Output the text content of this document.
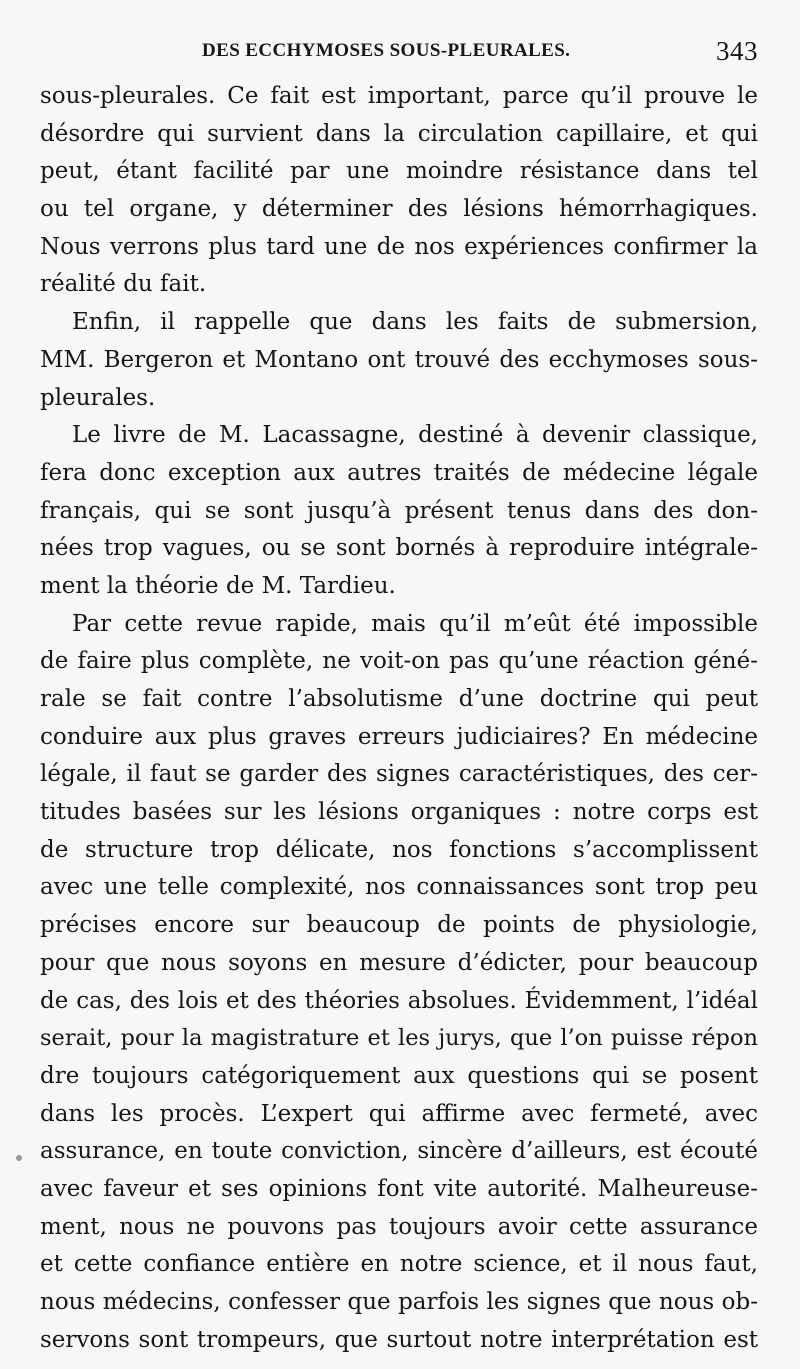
DES ECCHYMOSES SOUS-PLEURALES.	343
sous-pleurales. Ce fait est important, parce qu’il prouve le
désordre qui survient dans la circulation capillaire, et qui
peut, étant facilité par une moindre résistance dans tel
ou tel organe, y déterminer des lésions hémorrhagiques.
Nous verrons plus tard une de nos expériences confirmer la
réalité du fait.
Enfin, il rappelle que dans les faits de submersion,
MM. Bergeron et Montano ont trouvé des ecchymoses sous-
pleurales.
Le livre de M. Lacassagne, destiné à devenir classique,
fera donc exception aux autres traités de médecine légale
français, qui se sont jusqu’à présent tenus dans des don-
nées trop vagues, ou se sont bornés à reproduire intégrale-
ment la théorie de M. Tardieu.
Par cette revue rapide, mais qu’il m’eût été impossible
de faire plus complète, ne voit-on pas qu’une réaction géné-
rale se fait contre l’absolutisme d’une doctrine qui peut
conduire aux plus graves erreurs judiciaires? En médecine
légale, il faut se garder des signes caractéristiques, des cer-
titudes basées sur les lésions organiques : notre corps est
de structure trop délicate, nos fonctions s’accomplissent
avec une telle complexité, nos connaissances sont trop peu
précises encore sur beaucoup de points de physiologie,
pour que nous soyons en mesure d’édicter, pour beaucoup
de cas, des lois et des théories absolues. Évidemment, l’idéal
serait, pour la magistrature et les jurys, que l’on puisse répon
dre toujours catégoriquement aux questions qui se posent
dans les procès. L’expert qui affirme avec fermeté, avec
assurance, en toute conviction, sincère d’ailleurs, est écouté
avec faveur et ses opinions font vite autorité. Malheureuse-
ment, nous ne pouvons pas toujours avoir cette assurance
et cette confiance entière en notre science, et il nous faut,
nous médecins, confesser que parfois les signes que nous ob-
servons sont trompeurs, que surtout notre interprétation est
